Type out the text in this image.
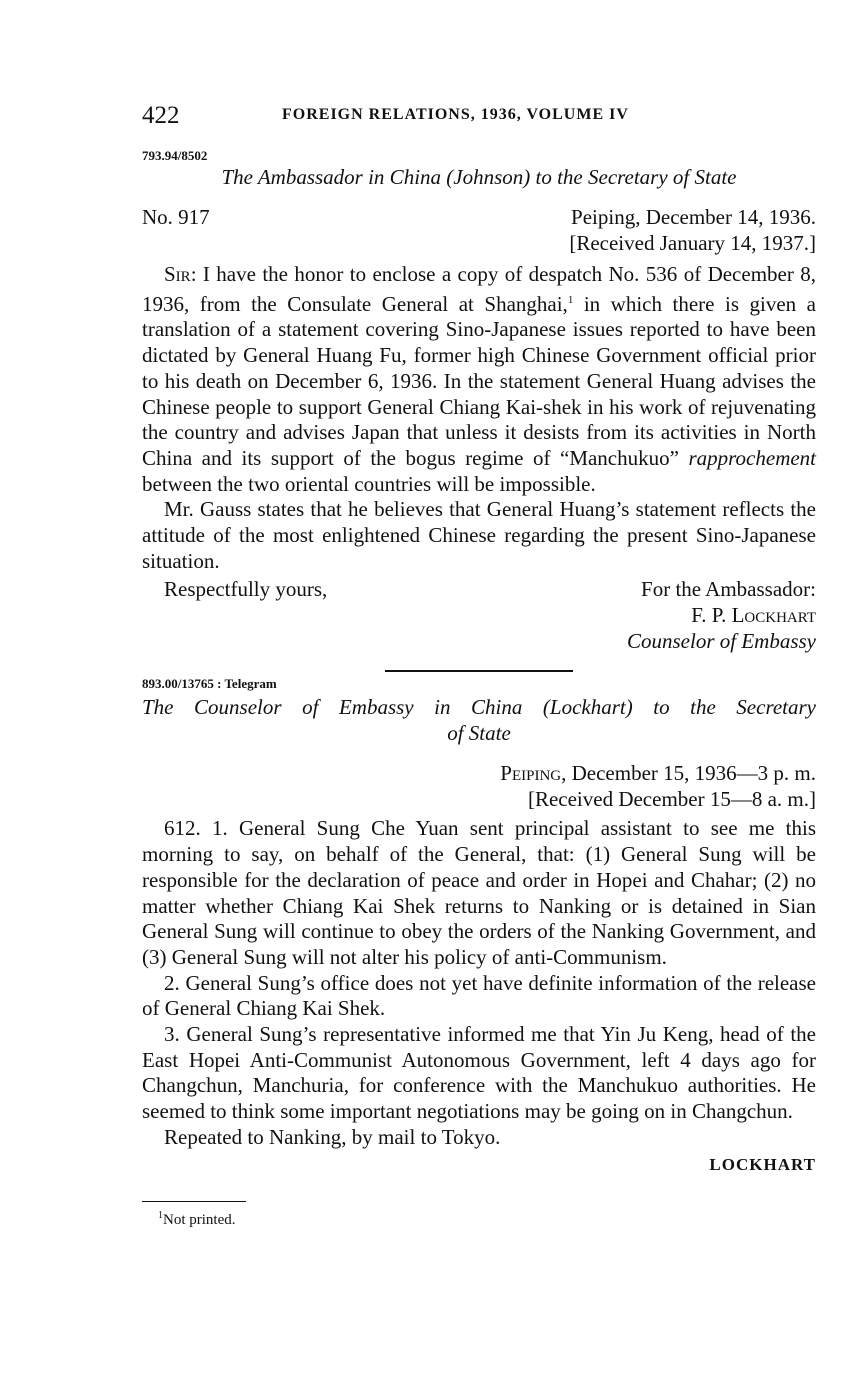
422	FOREIGN RELATIONS, 1936, VOLUME IV
793.94/8502
The Ambassador in China (Johnson) to the Secretary of State
No. 917	Peiping, December 14, 1936.
[Received January 14, 1937.]

Sir: I have the honor to enclose a copy of despatch No. 536 of December 8, 1936, from the Consulate General at Shanghai,$^1$ in which there is given a translation of a statement covering Sino-Japanese issues reported to have been dictated by General Huang Fu, former high Chinese Government official prior to his death on December 6, 1936. In the statement General Huang advises the Chinese people to support General Chiang Kai-shek in his work of rejuvenating the country and advises Japan that unless it desists from its activities in North China and its support of the bogus regime of “Manchukuo” rapprochement between the two oriental countries will be impossible.

Mr. Gauss states that he believes that General Huang’s statement reflects the attitude of the most enlightened Chinese regarding the present Sino-Japanese situation.

Respectfully yours,	For the Ambassador:
F. P. Lockhart
Counselor of Embassy
893.00/13765 : Telegram
The Counselor of Embassy in China (Lockhart) to the Secretary
of State
Peiping, December 15, 1936—3 p. m.
[Received December 15—8 a. m.]

612. 1. General Sung Che Yuan sent principal assistant to see me this morning to say, on behalf of the General, that: (1) General Sung will be responsible for the declaration of peace and order in Hopei and Chahar; (2) no matter whether Chiang Kai Shek returns to Nanking or is detained in Sian General Sung will continue to obey the orders of the Nanking Government, and (3) General Sung will not alter his policy of anti-Communism.

2. General Sung’s office does not yet have definite information of the release of General Chiang Kai Shek.

3. General Sung’s representative informed me that Yin Ju Keng, head of the East Hopei Anti-Communist Autonomous Government, left 4 days ago for Changchun, Manchuria, for conference with the Manchukuo authorities. He seemed to think some important negotiations may be going on in Changchun.

Repeated to Nanking, by mail to Tokyo.

LOCKHART
$^1$Not printed.
